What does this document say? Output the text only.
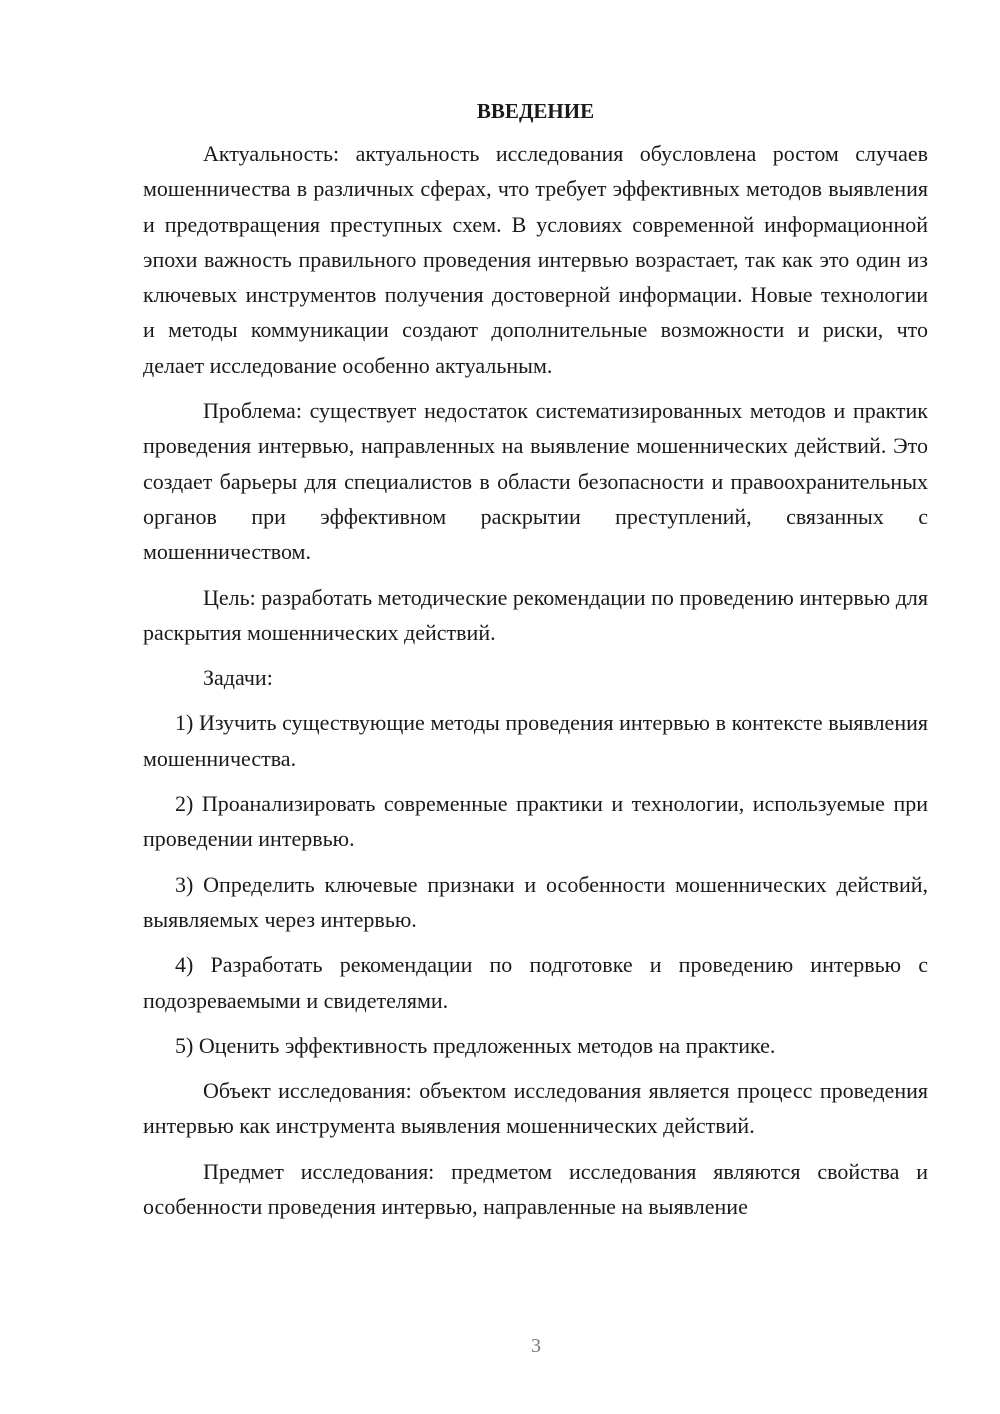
ВВЕДЕНИЕ

Актуальность: актуальность исследования обусловлена ростом случаев мошенничества в различных сферах, что требует эффективных методов выявления и предотвращения преступных схем. В условиях современной информационной эпохи важность правильного проведения интервью возрастает, так как это один из ключевых инструментов получения достоверной информации. Новые технологии и методы коммуникации создают дополнительные возможности и риски, что делает исследование особенно актуальным.

Проблема: существует недостаток систематизированных методов и практик проведения интервью, направленных на выявление мошеннических действий. Это создает барьеры для специалистов в области безопасности и правоохранительных органов при эффективном раскрытии преступлений, связанных с мошенничеством.

Цель: разработать методические рекомендации по проведению интервью для раскрытия мошеннических действий.

Задачи:

1) Изучить существующие методы проведения интервью в контексте выявления мошенничества.

2) Проанализировать современные практики и технологии, используемые при проведении интервью.

3) Определить ключевые признаки и особенности мошеннических действий, выявляемых через интервью.

4) Разработать рекомендации по подготовке и проведению интервью с подозреваемыми и свидетелями.

5) Оценить эффективность предложенных методов на практике.

Объект исследования: объектом исследования является процесс проведения интервью как инструмента выявления мошеннических действий.

Предмет исследования: предметом исследования являются свойства и особенности проведения интервью, направленные на выявление

3
